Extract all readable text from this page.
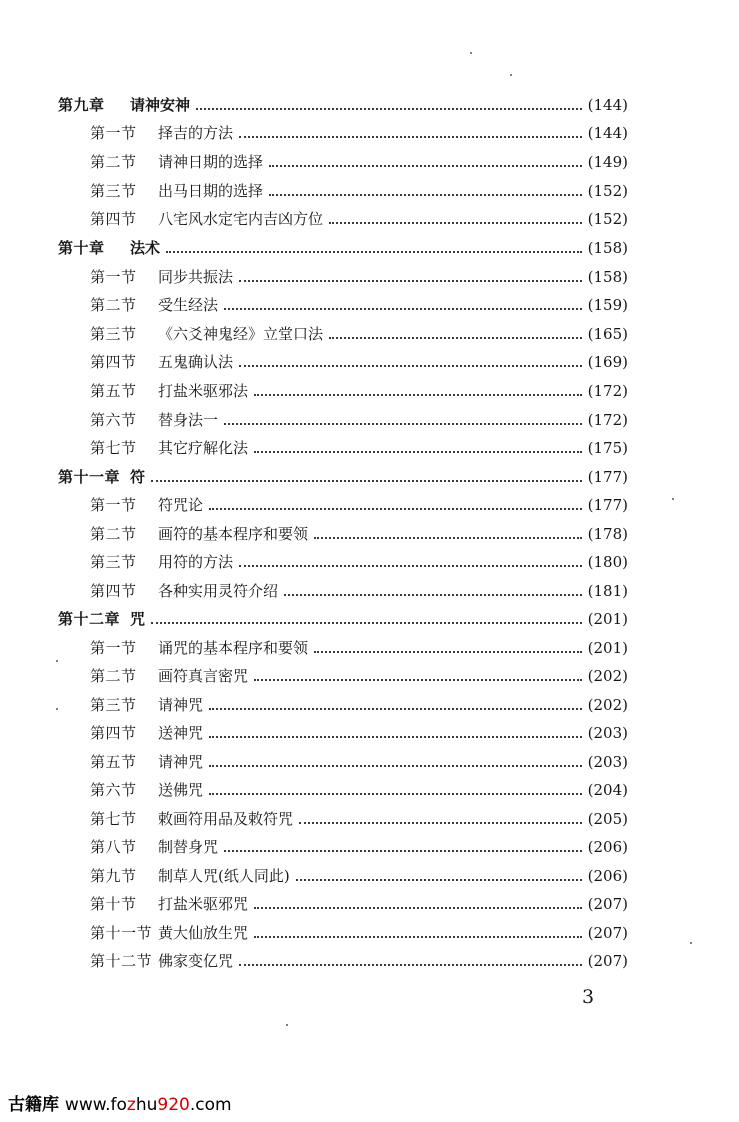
第九章	请神安神	(144)
第一节	择吉的方法	(144)
第二节	请神日期的选择	(149)
第三节	出马日期的选择	(152)
第四节	八宅风水定宅内吉凶方位	(152)
第十章	法术	(158)
第一节	同步共振法	(158)
第二节	受生经法	(159)
第三节	《六爻神鬼经》立堂口法	(165)
第四节	五鬼确认法	(169)
第五节	打盐米驱邪法	(172)
第六节	替身法一	(172)
第七节	其它疗解化法	(175)
第十一章 符	(177)
第一节	符咒论	(177)
第二节	画符的基本程序和要领	(178)
第三节	用符的方法	(180)
第四节	各种实用灵符介绍	(181)
第十二章 咒	(201)
第一节	诵咒的基本程序和要领	(201)
第二节	画符真言密咒	(202)
第三节	请神咒	(202)
第四节	送神咒	(203)
第五节	请神咒	(203)
第六节	送佛咒	(204)
第七节	敕画符用品及敕符咒	(205)
第八节	制替身咒	(206)
第九节	制草人咒(纸人同此)	(206)
第十节	打盐米驱邪咒	(207)
第十一节 黄大仙放生咒	(207)
第十二节 佛家变亿咒	(207)
3
古籍库 www.fozhu920.com
